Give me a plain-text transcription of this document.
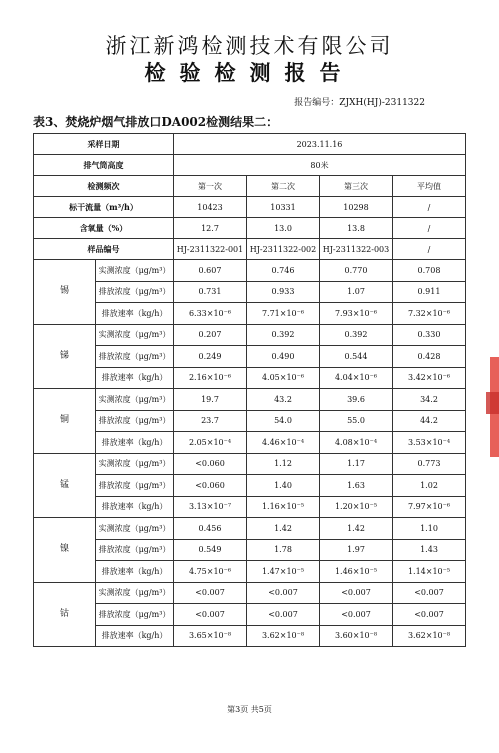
浙江新鸿检测技术有限公司
检验检测报告
报告编号：ZJXH(HJ)-2311322
表3、焚烧炉烟气排放口DA002检测结果二：
采样日期		2023.11.16			
排气筒高度		80米			
检测频次		第一次	第二次	第三次	平均值
标干流量（m³/h）		10423	10331	10298	/
含氧量（%）		12.7	13.0	13.8	/
样品编号		HJ-2311322-001	HJ-2311322-002	HJ-2311322-003	/
锡	实测浓度（μg/m³）	0.607	0.746	0.770	0.708
	排放浓度（μg/m³）	0.731	0.933	1.07	0.911
	排放速率（kg/h）	6.33×10⁻⁶	7.71×10⁻⁶	7.93×10⁻⁶	7.32×10⁻⁶
锑	实测浓度（μg/m³）	0.207	0.392	0.392	0.330
	排放浓度（μg/m³）	0.249	0.490	0.544	0.428
	排放速率（kg/h）	2.16×10⁻⁶	4.05×10⁻⁶	4.04×10⁻⁶	3.42×10⁻⁶
铜	实测浓度（μg/m³）	19.7	43.2	39.6	34.2
	排放浓度（μg/m³）	23.7	54.0	55.0	44.2
	排放速率（kg/h）	2.05×10⁻⁴	4.46×10⁻⁴	4.08×10⁻⁴	3.53×10⁻⁴
锰	实测浓度（μg/m³）	<0.060	1.12	1.17	0.773
	排放浓度（μg/m³）	<0.060	1.40	1.63	1.02
	排放速率（kg/h）	3.13×10⁻⁷	1.16×10⁻⁵	1.20×10⁻⁵	7.97×10⁻⁶
镍	实测浓度（μg/m³）	0.456	1.42	1.42	1.10
	排放浓度（μg/m³）	0.549	1.78	1.97	1.43
	排放速率（kg/h）	4.75×10⁻⁶	1.47×10⁻⁵	1.46×10⁻⁵	1.14×10⁻⁵
钴	实测浓度（μg/m³）	<0.007	<0.007	<0.007	<0.007
	排放浓度（μg/m³）	<0.007	<0.007	<0.007	<0.007
	排放速率（kg/h）	3.65×10⁻⁸	3.62×10⁻⁸	3.60×10⁻⁸	3.62×10⁻⁸
第3页 共5页
